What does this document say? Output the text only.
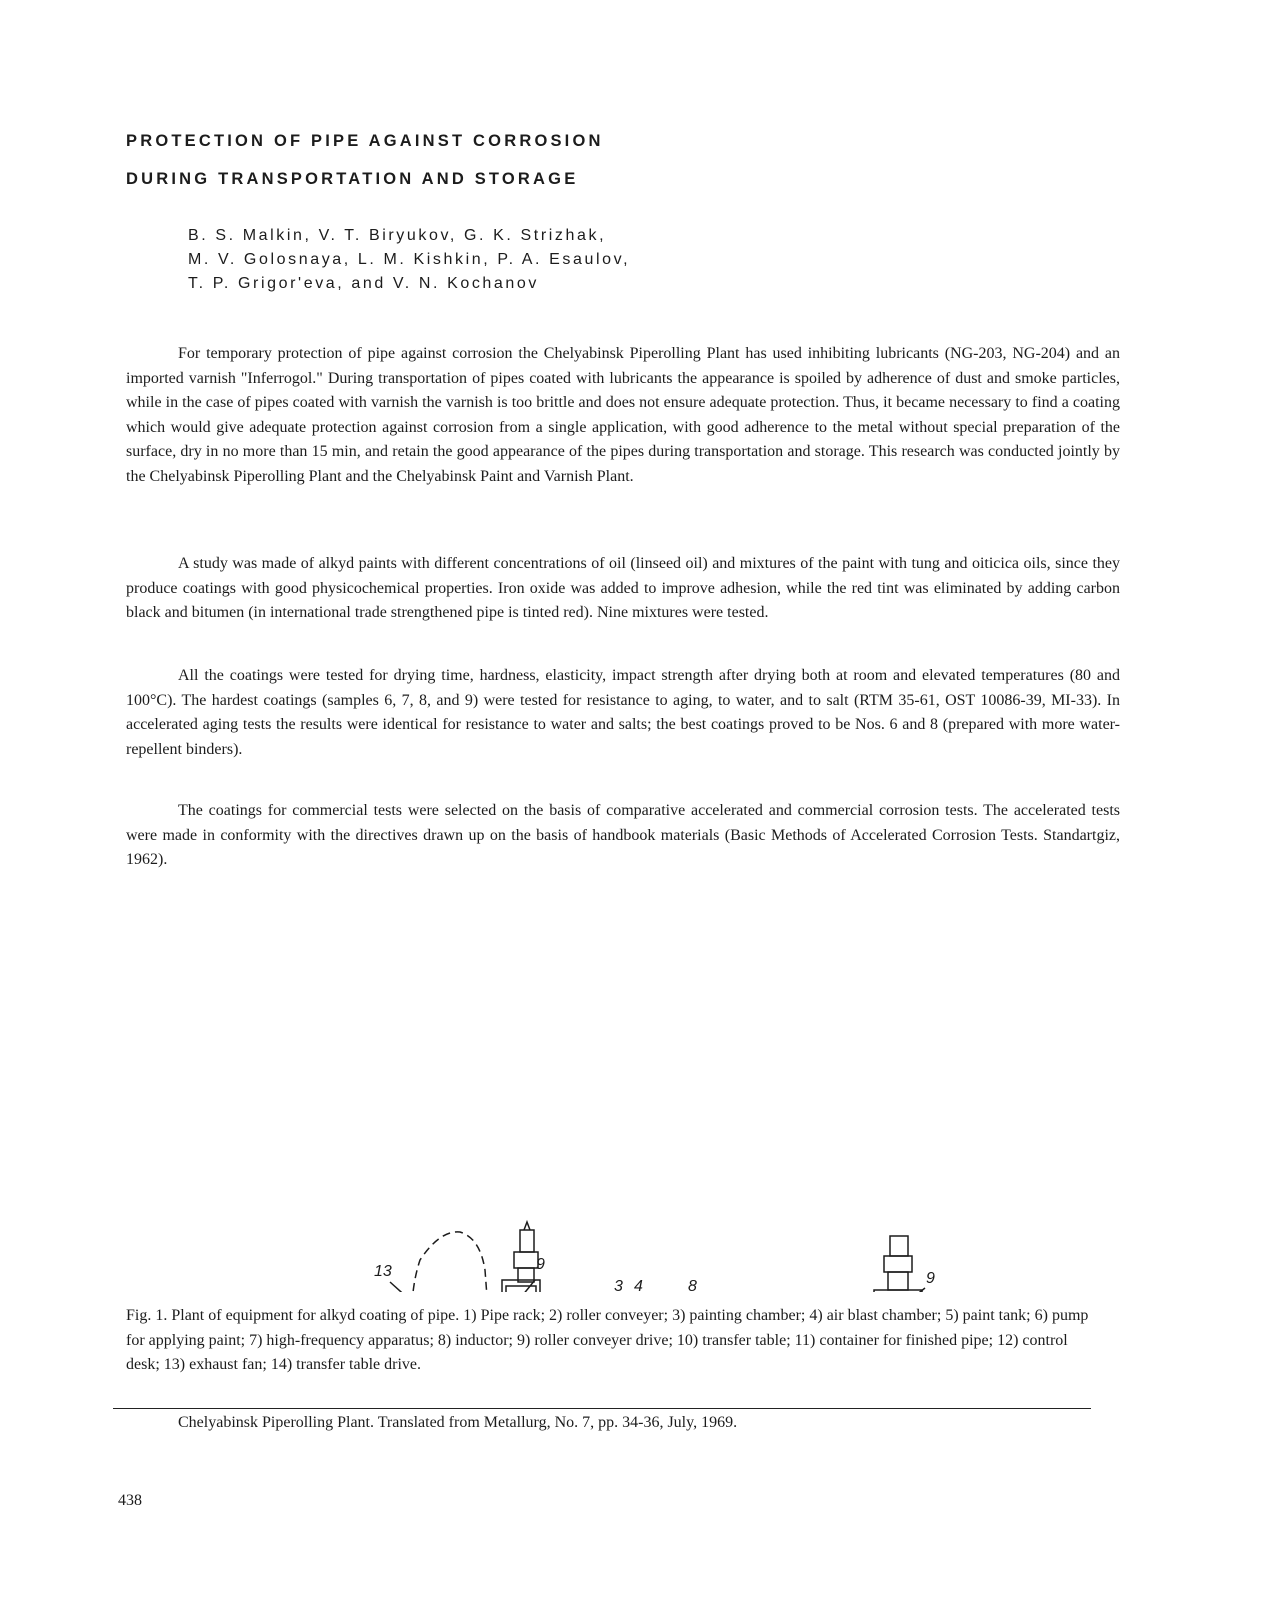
PROTECTION OF PIPE AGAINST CORROSION
DURING TRANSPORTATION AND STORAGE
B. S. Malkin, V. T. Biryukov, G. K. Strizhak,
M. V. Golosnaya, L. M. Kishkin, P. A. Esaulov,
T. P. Grigor'eva, and V. N. Kochanov

For temporary protection of pipe against corrosion the Chelyabinsk Piperolling Plant has used inhibiting lubricants (NG-203, NG-204) and an imported varnish "Inferrogol." During transportation of pipes coated with lubricants the appearance is spoiled by adherence of dust and smoke particles, while in the case of pipes coated with varnish the varnish is too brittle and does not ensure adequate protection. Thus, it became necessary to find a coating which would give adequate protection against corrosion from a single application, with good adherence to the metal without special preparation of the surface, dry in no more than 15 min, and retain the good appearance of the pipes during transportation and storage. This research was conducted jointly by the Chelyabinsk Piperolling Plant and the Chelyabinsk Paint and Varnish Plant.

A study was made of alkyd paints with different concentrations of oil (linseed oil) and mixtures of the paint with tung and oiticica oils, since they produce coatings with good physicochemical properties. Iron oxide was added to improve adhesion, while the red tint was eliminated by adding carbon black and bitumen (in international trade strengthened pipe is tinted red). Nine mixtures were tested.

All the coatings were tested for drying time, hardness, elasticity, impact strength after drying both at room and elevated temperatures (80 and 100°C). The hardest coatings (samples 6, 7, 8, and 9) were tested for resistance to aging, to water, and to salt (RTM 35-61, OST 10086-39, MI-33). In accelerated aging tests the results were identical for resistance to water and salts; the best coatings proved to be Nos. 6 and 8 (prepared with more water-repellent binders).

The coatings for commercial tests were selected on the basis of comparative accelerated and commercial corrosion tests. The accelerated tests were made in conformity with the directives drawn up on the basis of handbook materials (Basic Methods of Accelerated Corrosion Tests. Standartgiz, 1962).

13	9
3 4	8	9

Fig. 1. Plant of equipment for alkyd coating of pipe. 1) Pipe rack; 2) roller conveyer; 3) painting chamber; 4) air blast chamber; 5) paint tank; 6) pump for applying paint; 7) high-frequency apparatus; 8) inductor; 9) roller conveyer drive; 10) transfer table; 11) container for finished pipe; 12) control desk; 13) exhaust fan; 14) transfer table drive.

Chelyabinsk Piperolling Plant. Translated from Metallurg, No. 7, pp. 34-36, July, 1969.

438
